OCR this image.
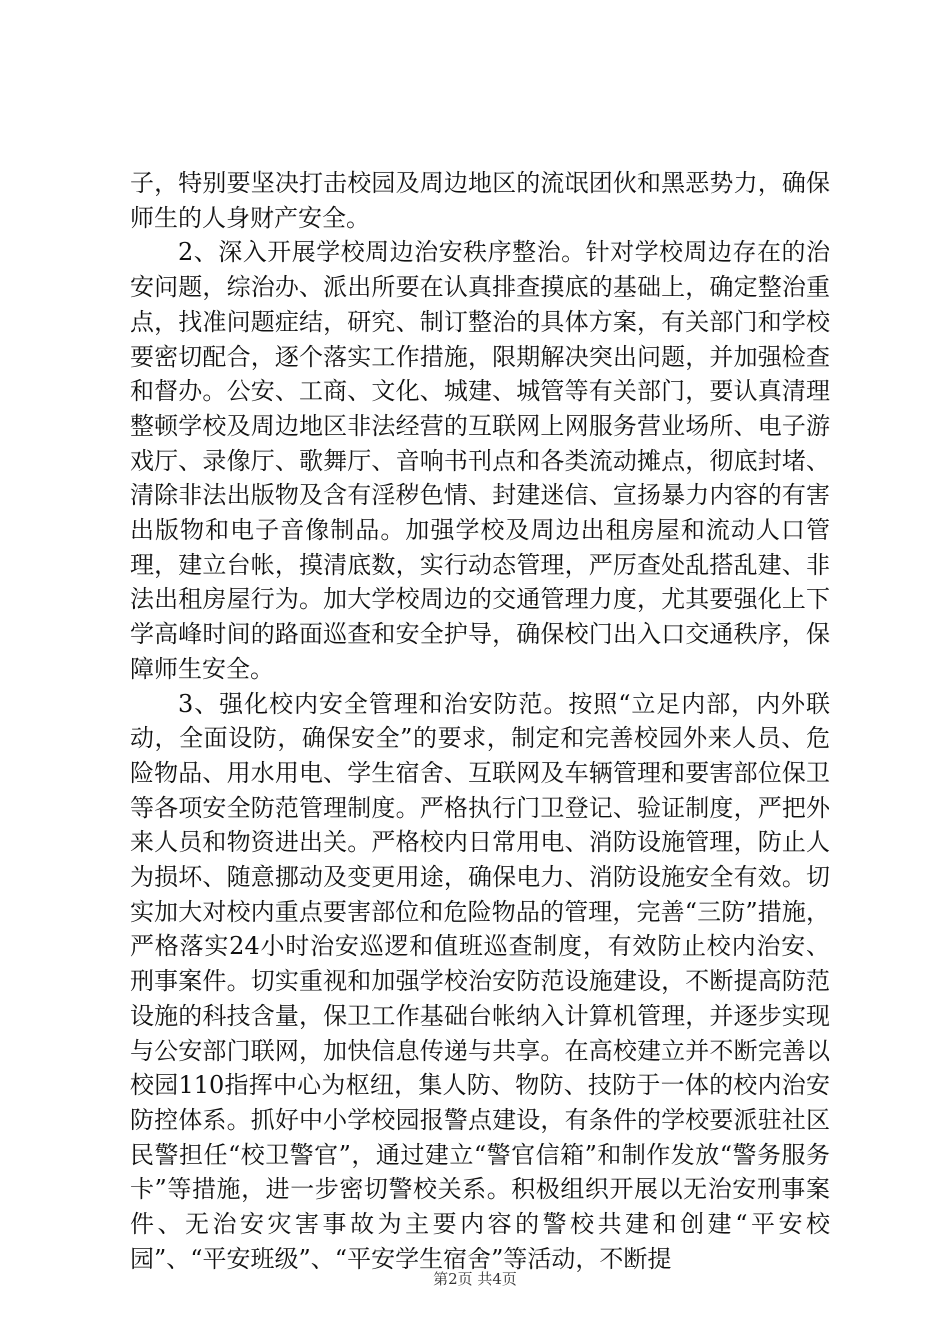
子，特别要坚决打击校园及周边地区的流氓团伙和黑恶势力，确保师生的人身财产安全。

2、深入开展学校周边治安秩序整治。针对学校周边存在的治安问题，综治办、派出所要在认真排查摸底的基础上，确定整治重点，找准问题症结，研究、制订整治的具体方案，有关部门和学校要密切配合，逐个落实工作措施，限期解决突出问题，并加强检查和督办。公安、工商、文化、城建、城管等有关部门，要认真清理整顿学校及周边地区非法经营的互联网上网服务营业场所、电子游戏厅、录像厅、歌舞厅、音响书刊点和各类流动摊点，彻底封堵、清除非法出版物及含有淫秽色情、封建迷信、宣扬暴力内容的有害出版物和电子音像制品。加强学校及周边出租房屋和流动人口管理，建立台帐，摸清底数，实行动态管理，严厉查处乱搭乱建、非法出租房屋行为。加大学校周边的交通管理力度，尤其要强化上下学高峰时间的路面巡查和安全护导，确保校门出入口交通秩序，保障师生安全。

3、强化校内安全管理和治安防范。按照“立足内部，内外联动，全面设防，确保安全”的要求，制定和完善校园外来人员、危险物品、用水用电、学生宿舍、互联网及车辆管理和要害部位保卫等各项安全防范管理制度。严格执行门卫登记、验证制度，严把外来人员和物资进出关。严格校内日常用电、消防设施管理，防止人为损坏、随意挪动及变更用途，确保电力、消防设施安全有效。切实加大对校内重点要害部位和危险物品的管理，完善“三防”措施，严格落实24小时治安巡逻和值班巡查制度，有效防止校内治安、刑事案件。切实重视和加强学校治安防范设施建设，不断提高防范设施的科技含量，保卫工作基础台帐纳入计算机管理，并逐步实现与公安部门联网，加快信息传递与共享。在高校建立并不断完善以校园110指挥中心为枢纽，集人防、物防、技防于一体的校内治安防控体系。抓好中小学校园报警点建设，有条件的学校要派驻社区民警担任“校卫警官”，通过建立“警官信箱”和制作发放“警务服务卡”等措施，进一步密切警校关系。积极组织开展以无治安刑事案件、无治安灾害事故为主要内容的警校共建和创建“平安校园”、“平安班级”、“平安学生宿舍”等活动，不断提

第2页 共4页
